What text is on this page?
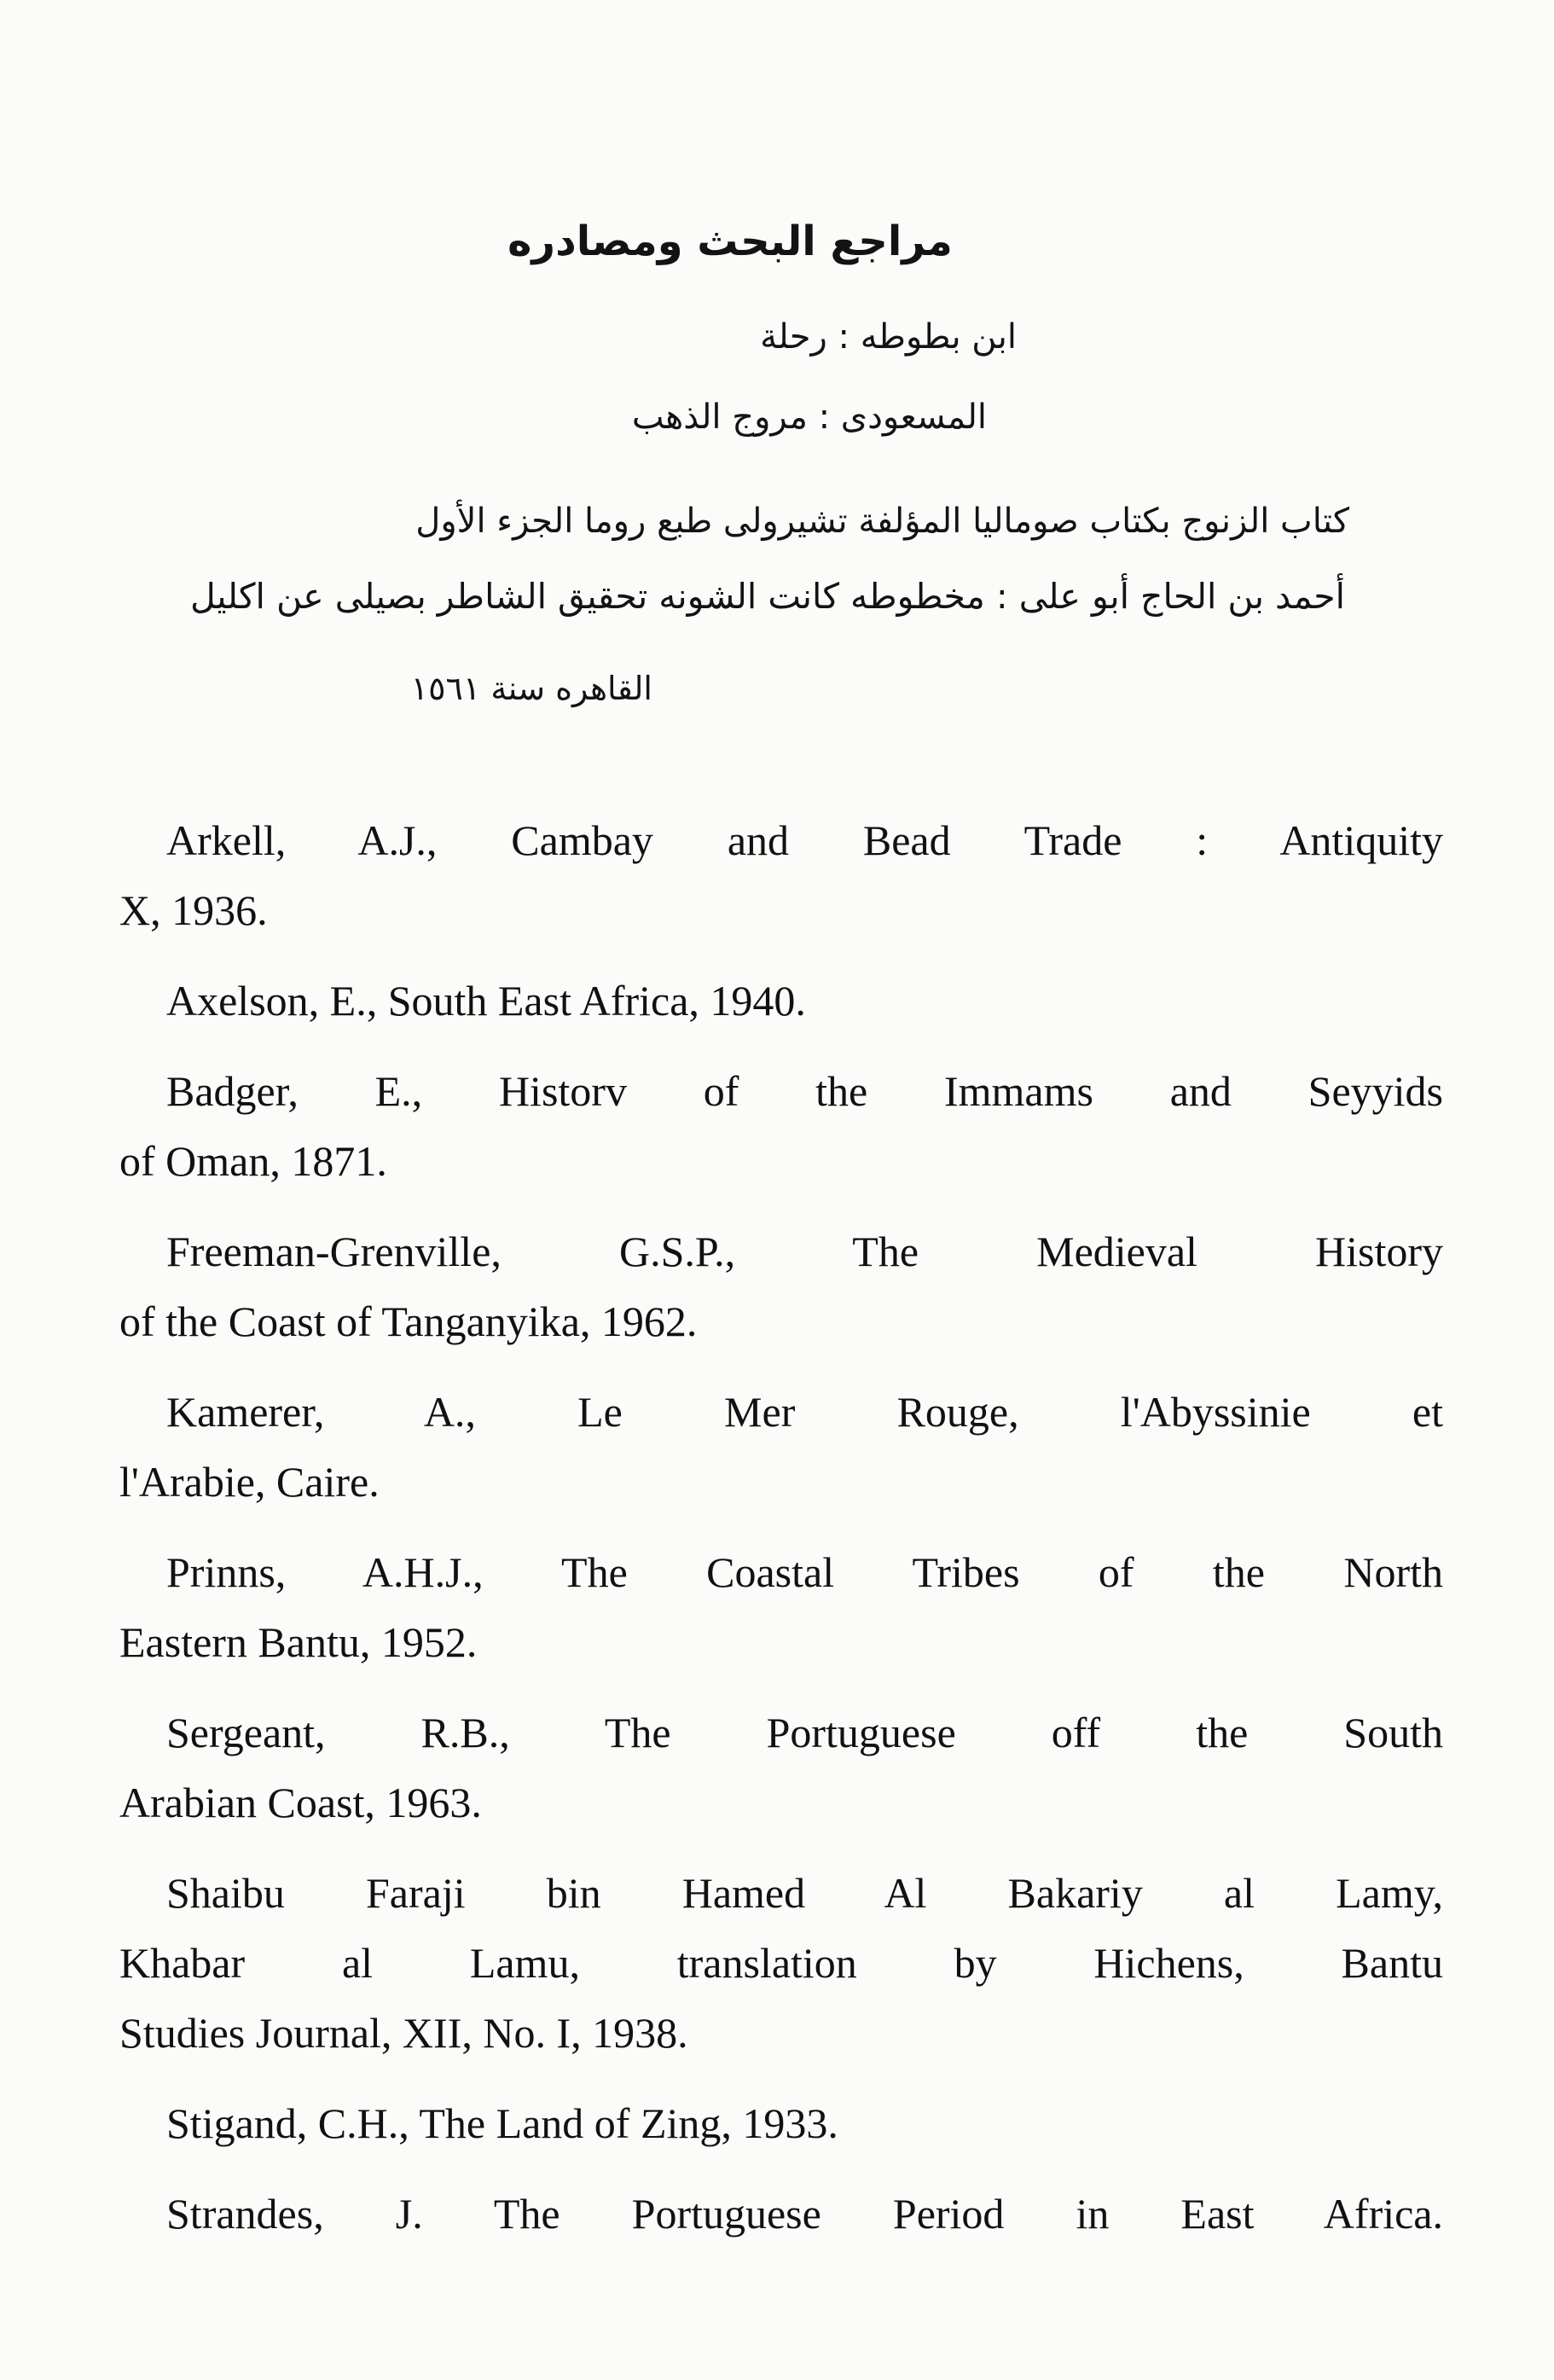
مراجع البحث ومصادره
ابن بطوطه : رحلة
المسعودى : مروج الذهب
كتاب الزنوج بكتاب صوماليا المؤلفة تشيرولى طبع روما الجزء الأول
أحمد بن الحاج أبو على : مخطوطه كانت الشونه تحقيق الشاطر بصيلى عن اكليل
القاهره سنة ١٥٦١
Arkell, A.J., Cambay and Bead Trade : Antiquity
X, 1936.
Axelson, E., South East Africa, 1940.
Badger, E., Historv of the Immams and Seyyids
of Oman, 1871.
Freeman-Grenville, G.S.P., The Medieval History
of the Coast of Tanganyika, 1962.
Kamerer, A., Le Mer Rouge, l'Abyssinie et
l'Arabie, Caire.
Prinns, A.H.J., The Coastal Tribes of the North
Eastern Bantu, 1952.
Sergeant, R.B., The Portuguese off the South
Arabian Coast, 1963.
Shaibu Faraji bin Hamed Al Bakariy al Lamy,
Khabar al Lamu, translation by Hichens, Bantu
Studies Journal, XII, No. I, 1938.
Stigand, C.H., The Land of Zing, 1933.
Strandes, J. The Portuguese Period in East Africa.
